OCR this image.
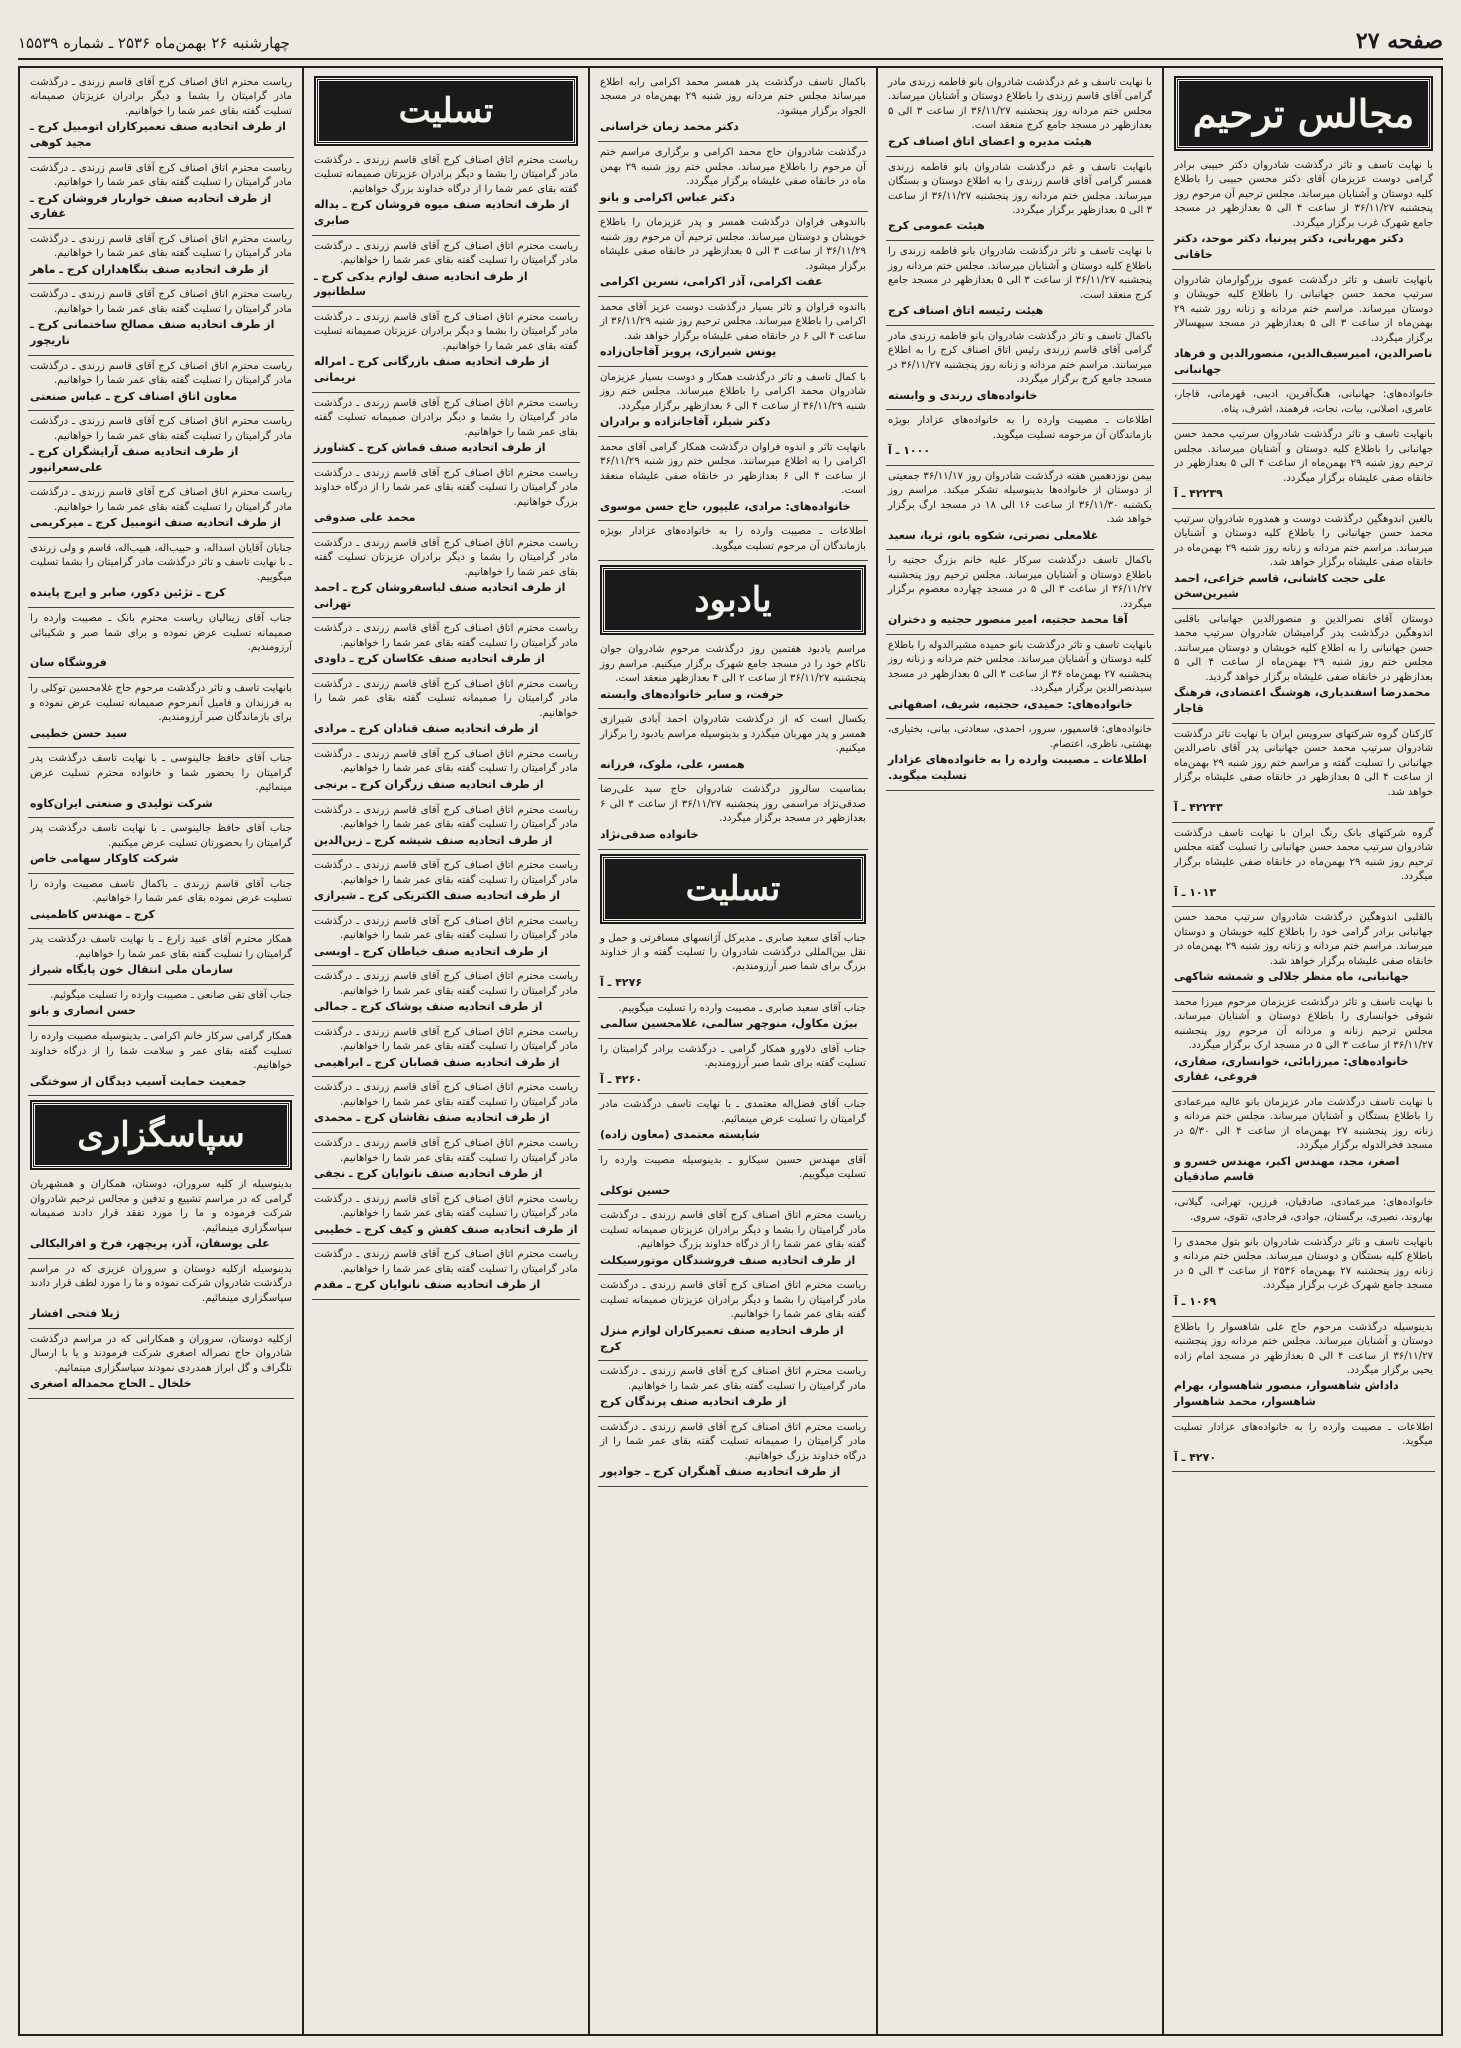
صفحه ۲۷
چهارشنبه ۲۶ بهمن‌ماه ۲۵۳۶ ـ شماره ۱۵۵۳۹
مجالس ترحیم
با نهایت تاسف و تاثر درگذشت شادروان دکتر حبیبی برادر گرامی دوست عزیزمان آقای دکتر محسن حبیبی را باطلاع کلیه دوستان و آشنایان میرساند. مجلس ترحیم آن مرحوم روز پنجشنبه ۳۶/۱۱/۲۷ از ساعت ۴ الی ۵ بعدازظهر در مسجد جامع شهرک غرب برگزار میگردد.
دکتر مهربانی، دکتر پیرنیا، دکتر موحد، دکتر خاقانی
بانهایت تاسف و تاثر درگذشت عموی بزرگوارمان شادروان سرتیپ محمد حسن جهانبانی را باطلاع کلیه خویشان و دوستان میرساند. مراسم ختم مردانه و زنانه روز شنبه ۲۹ بهمن‌ماه از ساعت ۳ الی ۵ بعدازظهر در مسجد سپهسالار برگزار میگردد.
ناصرالدین، امیرسیف‌الدین، منصورالدین و فرهاد جهانبانی
خانواده‌های: جهانبانی، هنگ‌آفرین، ادیبی، قهرمانی، قاجار، عامری، اصلانی، بیات، نجات، فرهمند، اشرف، پناه.
بانهایت تاسف و تاثر درگذشت شادروان سرتیپ محمد حسن جهانبانی را باطلاع کلیه دوستان و آشنایان میرساند. مجلس ترحیم روز شنبه ۲۹ بهمن‌ماه از ساعت ۴ الی ۵ بعدازظهر در خانقاه صفی علیشاه برگزار میگردد.
۴۲۲۳۹ ـ آ
بالغین اندوهگین درگذشت دوست و همدوره شادروان سرتیپ محمد حسن جهانبانی را باطلاع کلیه دوستان و آشنایان میرساند. مراسم ختم مردانه و زنانه روز شنبه ۲۹ بهمن‌ماه در خانقاه صفی علیشاه برگزار خواهد شد.
علی حجت کاشانی، قاسم خزاعی، احمد شیرین‌سخن
دوستان آقای نصرالدین و منصورالدین جهانبانی باقلبی اندوهگین درگذشت پدر گرامیشان شادروان سرتیپ محمد حسن جهانبانی را به اطلاع کلیه خویشان و دوستان میرسانند. مجلس ختم روز شنبه ۲۹ بهمن‌ماه از ساعت ۴ الی ۵ بعدازظهر در خانقاه صفی علیشاه برگزار خواهد گردید.
محمدرضا اسفندیاری، هوشنگ اعتضادی، فرهنگ قاجار
کارکنان گروه شرکتهای سرویس ایران با نهایت تاثر درگذشت شادروان سرتیپ محمد حسن جهانبانی پدر آقای ناصرالدین جهانبانی را تسلیت گفته و مراسم ختم روز شنبه ۲۹ بهمن‌ماه از ساعت ۴ الی ۵ بعدازظهر در خانقاه صفی علیشاه برگزار خواهد شد.
۴۲۲۴۳ ـ آ
گروه شرکتهای بانک رنگ ایران با نهایت تاسف درگذشت شادروان سرتیپ محمد حسن جهانبانی را تسلیت گفته مجلس ترحیم روز شنبه ۲۹ بهمن‌ماه در خانقاه صفی علیشاه برگزار میگردد.
۱۰۱۳ ـ آ
بالقلبی اندوهگین درگذشت شادروان سرتیپ محمد حسن جهانبانی برادر گرامی خود را باطلاع کلیه خویشان و دوستان میرساند. مراسم ختم مردانه و زنانه روز شنبه ۲۹ بهمن‌ماه در خانقاه صفی علیشاه برگزار خواهد شد.
جهانبانی، ماه منظر جلالی و شمشه شاکهی
با نهایت تاسف و تاثر درگذشت عزیزمان مرحوم میرزا محمد شوقی خوانساری را باطلاع دوستان و آشنایان میرساند. مجلس ترحیم زنانه و مردانه آن مرحوم روز پنجشنبه ۳۶/۱۱/۲۷ از ساعت ۳ الی ۵ در مسجد ارک برگزار میگردد.
خانواده‌های: میرزابائی، خوانساری، صفاری، فروغی، غفاری
با نهایت تاسف درگذشت مادر عزیزمان بانو عالیه میرعمادی را باطلاع بستگان و آشنایان میرساند. مجلس ختم مردانه و زنانه روز پنجشنبه ۲۷ بهمن‌ماه از ساعت ۴ الی ۵/۳۰ در مسجد فخرالدوله برگزار میگردد.
اصغر، مجد، مهندس اکبر، مهندس خسرو و قاسم صادقیان
خانواده‌های: میرعمادی، صادقیان، فرزین، تهرانی، گیلانی، بهاروند، نصیری، برگستان، جوادی، فرجادی، تقوی، سروی.
بانهایت تاسف و تاثر درگذشت شادروان بانو بتول محمدی را باطلاع کلیه بستگان و دوستان میرساند. مجلس ختم مردانه و زنانه روز پنجشنبه ۲۷ بهمن‌ماه ۲۵۳۶ از ساعت ۳ الی ۵ در مسجد جامع شهرک غرب برگزار میگردد.
۱۰۶۹ ـ آ
بدینوسیله درگذشت مرحوم حاج علی شاهسوار را باطلاع دوستان و آشنایان میرساند. مجلس ختم مردانه روز پنجشنبه ۳۶/۱۱/۲۷ از ساعت ۴ الی ۵ بعدازظهر در مسجد امام زاده یحیی برگزار میگردد.
داداش شاهسوار، منصور شاهسوار، بهرام شاهسوار، محمد شاهسوار
اطلاعات ـ مصیبت وارده را به خانواده‌های عزادار تسلیت میگوید.
۴۲۷۰ ـ آ
با نهایت تاسف و غم درگذشت شادروان بانو فاطمه زرندی مادر گرامی آقای قاسم زرندی را باطلاع دوستان و آشنایان میرساند. مجلس ختم مردانه روز پنجشنبه ۳۶/۱۱/۲۷ از ساعت ۳ الی ۵ بعدازظهر در مسجد جامع کرج منعقد است.
هیئت مدیره و اعضای اتاق اصناف کرج
بانهایت تاسف و غم درگذشت شادروان بانو فاطمه زرندی همسر گرامی آقای قاسم زرندی را به اطلاع دوستان و بستگان میرساند. مجلس ختم مردانه روز پنجشنبه ۳۶/۱۱/۲۷ از ساعت ۳ الی ۵ بعدازظهر برگزار میگردد.
هیئت عمومی کرج
با نهایت تاسف و تاثر درگذشت شادروان بانو فاطمه زرندی را باطلاع کلیه دوستان و آشنایان میرساند. مجلس ختم مردانه روز پنجشنبه ۳۶/۱۱/۲۷ از ساعت ۳ الی ۵ بعدازظهر در مسجد جامع کرج منعقد است.
هیئت رئیسه اتاق اصناف کرج
باکمال تاسف و تاثر درگذشت شادروان بانو فاطمه زرندی مادر گرامی آقای قاسم زرندی رئیس اتاق اصناف کرج را به اطلاع میرسانند. مراسم ختم مردانه و زنانه روز پنجشنبه ۳۶/۱۱/۲۷ در مسجد جامع کرج برگزار میگردد.
خانواده‌های زرندی و وابسته
اطلاعات ـ مصیبت وارده را به خانواده‌های عزادار بویژه بازماندگان آن مرحومه تسلیت میگوید.
۱۰۰۰ ـ آ
بیمن نوزدهمین هفته درگذشت شادروان روز ۳۶/۱۱/۱۷ جمعیتی از دوستان از خانواده‌ها بدینوسیله تشکر میکند. مراسم روز یکشنبه ۳۶/۱۱/۳۰ از ساعت ۱۶ الی ۱۸ در مسجد ارگ برگزار خواهد شد.
غلامعلی نصرتی، شکوه بانو، ثریا، سعید
باکمال تاسف درگذشت سرکار علیه خانم بزرگ حجتیه را باطلاع دوستان و آشنایان میرساند. مجلس ترحیم روز پنجشنبه ۳۶/۱۱/۲۷ از ساعت ۳ الی ۵ در مسجد چهارده معصوم برگزار میگردد.
آقا محمد حجتیه، امیر منصور حجتیه و دختران
بانهایت تاسف و تاثر درگذشت بانو حمیده مشیرالدوله را باطلاع کلیه دوستان و آشنایان میرساند. مجلس ختم مردانه و زنانه روز پنجشنبه ۲۷ بهمن‌ماه ۳۶ از ساعت ۳ الی ۵ بعدازظهر در مسجد سیدنصرالدین برگزار میگردد.
خانواده‌های: حمیدی، حجتیه، شریف، اصفهانی
خانواده‌های: قاسمپور، سرور، احمدی، سعادتی، بیانی، بختیاری، بهشتی، ناظری، اعتصام.
اطلاعات ـ مصیبت وارده را به خانواده‌های عزادار تسلیت میگوید.
باکمال تاسف درگذشت پدر همسر محمد اکرامی رابه اطلاع میرساند مجلس ختم مردانه روز شنبه ۲۹ بهمن‌ماه در مسجد الجواد برگزار میشود.
دکتر محمد زمان خراسانی
درگذشت شادروان حاج محمد اکرامی و برگزاری مراسم ختم آن مرحوم را باطلاع میرساند. مجلس ختم روز شنبه ۲۹ بهمن ماه در خانقاه صفی علیشاه برگزار میگردد.
دکتر عباس اکرامی و بانو
بااندوهی فراوان درگذشت همسر و پدر عزیزمان را باطلاع خویشان و دوستان میرساند. مجلس ترحیم آن مرحوم روز شنبه ۳۶/۱۱/۲۹ از ساعت ۳ الی ۵ بعدازظهر در خانقاه صفی علیشاه برگزار میشود.
عفت اکرامی، آذر اکرامی، نسرین اکرامی
بااندوه فراوان و تاثر بسیار درگذشت دوست عزیز آقای محمد اکرامی را باطلاع میرساند. مجلس ترحیم روز شنبه ۳۶/۱۱/۲۹ از ساعت ۴ الی ۶ در خانقاه صفی علیشاه برگزار خواهد شد.
یونس شیرازی، پرویز آقاجان‌زاده
با کمال تاسف و تاثر درگذشت همکار و دوست بسیار عزیزمان شادروان محمد اکرامی را باطلاع میرساند. مجلس ختم روز شنبه ۳۶/۱۱/۲۹ از ساعت ۴ الی ۶ بعدازظهر برگزار میگردد.
دکتر شیلر، آقاجانزاده و برادران
بانهایت تاثر و اندوه فراوان درگذشت همکار گرامی آقای محمد اکرامی را به اطلاع میرسانند. مجلس ختم روز شنبه ۳۶/۱۱/۲۹ از ساعت ۴ الی ۶ بعدازظهر در خانقاه صفی علیشاه منعقد است.
خانواده‌های: مرادی، علیپور، حاج حسن موسوی
اطلاعات ـ مصیبت وارده را به خانواده‌های عزادار بویژه بازماندگان آن مرحوم تسلیت میگوید.
یادبود
مراسم یادبود هفتمین روز درگذشت مرحوم شادروان جوان ناکام خود را در مسجد جامع شهرک برگزار میکنیم. مراسم روز پنجشنبه ۳۶/۱۱/۲۷ از ساعت ۲ الی ۴ بعدازظهر منعقد است.
حرفت، و سایر خانواده‌های وابسته
یکسال است که از درگذشت شادروان احمد آبادی شیرازی همسر و پدر مهربان میگذرد و بدینوسیله مراسم یادبود را برگزار میکنیم.
همسر، علی، ملوک، فرزانه
بمناسبت سالروز درگذشت شادروان حاج سید علی‌رضا صدقی‌نژاد مراسمی روز پنجشنبه ۳۶/۱۱/۲۷ از ساعت ۳ الی ۶ بعدازظهر در مسجد برگزار میگردد.
خانواده صدقی‌نژاد
تسلیت
جناب آقای سعید صابری ـ مدیرکل آژانسهای مسافرتی و حمل و نقل بین‌المللی درگذشت شادروان را تسلیت گفته و از خداوند بزرگ برای شما صبر آرزومندیم.
۴۲۷۶ ـ آ
جناب آقای سعید صابری ـ مصیبت وارده را تسلیت میگوییم.
بیژن مکاول، منوچهر سالمی، غلامحسین سالمی
جناب آقای دلاورو همکار گرامی ـ درگذشت برادر گرامیتان را تسلیت گفته برای شما صبر آرزومندیم.
۴۲۶۰ ـ آ
جناب آقای فضل‌اله معتمدی ـ با نهایت تاسف درگذشت مادر گرامیتان را تسلیت عرض مینمائیم.
شاپسته معتمدی (معاون زاده)
آقای مهندس حسین سیکارو ـ بدینوسیله مصیبت وارده را تسلیت میگوییم.
حسین توکلی
ریاست محترم اتاق اصناف کرج آقای قاسم زرندی ـ درگذشت مادر گرامیتان را بشما و دیگر برادران عزیزتان صمیمانه تسلیت گفته بقای عمر شما را از درگاه خداوند بزرگ خواهانیم.
از طرف اتحادیه صنف فروشندگان موتورسیکلت
ریاست محترم اتاق اصناف کرج آقای قاسم زرندی ـ درگذشت مادر گرامیتان را بشما و دیگر برادران عزیزتان صمیمانه تسلیت گفته بقای عمر شما را خواهانیم.
از طرف اتحادیه صنف تعمیرکاران لوازم منزل کرج
ریاست محترم اتاق اصناف کرج آقای قاسم زرندی ـ درگذشت مادر گرامیتان را تسلیت گفته بقای عمر شما را خواهانیم.
از طرف اتحادیه صنف پرندگان کرج
ریاست محترم اتاق اصناف کرج آقای قاسم زرندی ـ درگذشت مادر گرامیتان را صمیمانه تسلیت گفته بقای عمر شما را از درگاه خداوند بزرگ خواهانیم.
از طرف اتحادیه صنف آهنگران کرج ـ جوادپور
تسلیت
ریاست محترم اتاق اصناف کرج آقای قاسم زرندی ـ درگذشت مادر گرامیتان را بشما و دیگر برادران عزیزتان صمیمانه تسلیت گفته بقای عمر شما را از درگاه خداوند بزرگ خواهانیم.
از طرف اتحادیه صنف میوه فروشان کرج ـ یداله صابری
ریاست محترم اتاق اصناف کرج آقای قاسم زرندی ـ درگذشت مادر گرامیتان را تسلیت گفته بقای عمر شما را خواهانیم.
از طرف اتحادیه صنف لوازم یدکی کرج ـ سلطانپور
ریاست محترم اتاق اصناف کرج آقای قاسم زرندی ـ درگذشت مادر گرامیتان را بشما و دیگر برادران عزیزتان صمیمانه تسلیت گفته بقای عمر شما را خواهانیم.
از طرف اتحادیه صنف بازرگانی کرج ـ امراله نریمانی
ریاست محترم اتاق اصناف کرج آقای قاسم زرندی ـ درگذشت مادر گرامیتان را بشما و دیگر برادران صمیمانه تسلیت گفته بقای عمر شما را خواهانیم.
از طرف اتحادیه صنف قماش کرج ـ کشاورز
ریاست محترم اتاق اصناف کرج آقای قاسم زرندی ـ درگذشت مادر گرامیتان را تسلیت گفته بقای عمر شما را از درگاه خداوند بزرگ خواهانیم.
محمد علی صدوقی
ریاست محترم اتاق اصناف کرج آقای قاسم زرندی ـ درگذشت مادر گرامیتان را بشما و دیگر برادران عزیزتان تسلیت گفته بقای عمر شما را خواهانیم.
از طرف اتحادیه صنف لباسفروشان کرج ـ احمد تهرانی
ریاست محترم اتاق اصناف کرج آقای قاسم زرندی ـ درگذشت مادر گرامیتان را تسلیت گفته بقای عمر شما را خواهانیم.
از طرف اتحادیه صنف عکاسان کرج ـ داودی
ریاست محترم اتاق اصناف کرج آقای قاسم زرندی ـ درگذشت مادر گرامیتان را صمیمانه تسلیت گفته بقای عمر شما را خواهانیم.
از طرف اتحادیه صنف قنادان کرج ـ مرادی
ریاست محترم اتاق اصناف کرج آقای قاسم زرندی ـ درگذشت مادر گرامیتان را تسلیت گفته بقای عمر شما را خواهانیم.
از طرف اتحادیه صنف زرگران کرج ـ برنجی
ریاست محترم اتاق اصناف کرج آقای قاسم زرندی ـ درگذشت مادر گرامیتان را تسلیت گفته بقای عمر شما را خواهانیم.
از طرف اتحادیه صنف شیشه کرج ـ زین‌الدین
ریاست محترم اتاق اصناف کرج آقای قاسم زرندی ـ درگذشت مادر گرامیتان را تسلیت گفته بقای عمر شما را خواهانیم.
از طرف اتحادیه صنف الکتریکی کرج ـ شیرازی
ریاست محترم اتاق اصناف کرج آقای قاسم زرندی ـ درگذشت مادر گرامیتان را تسلیت گفته بقای عمر شما را خواهانیم.
از طرف اتحادیه صنف خیاطان کرج ـ اویسی
ریاست محترم اتاق اصناف کرج آقای قاسم زرندی ـ درگذشت مادر گرامیتان را تسلیت گفته بقای عمر شما را خواهانیم.
از طرف اتحادیه صنف پوشاک کرج ـ جمالی
ریاست محترم اتاق اصناف کرج آقای قاسم زرندی ـ درگذشت مادر گرامیتان را تسلیت گفته بقای عمر شما را خواهانیم.
از طرف اتحادیه صنف قصابان کرج ـ ابراهیمی
ریاست محترم اتاق اصناف کرج آقای قاسم زرندی ـ درگذشت مادر گرامیتان را تسلیت گفته بقای عمر شما را خواهانیم.
از طرف اتحادیه صنف نقاشان کرج ـ محمدی
ریاست محترم اتاق اصناف کرج آقای قاسم زرندی ـ درگذشت مادر گرامیتان را تسلیت گفته بقای عمر شما را خواهانیم.
از طرف اتحادیه صنف نانوایان کرج ـ نجفی
ریاست محترم اتاق اصناف کرج آقای قاسم زرندی ـ درگذشت مادر گرامیتان را تسلیت گفته بقای عمر شما را خواهانیم.
از طرف اتحادیه صنف کفش و کیف کرج ـ خطیبی
ریاست محترم اتاق اصناف کرج آقای قاسم زرندی ـ درگذشت مادر گرامیتان را تسلیت گفته بقای عمر شما را خواهانیم.
از طرف اتحادیه صنف نانوایان کرج ـ مقدم
ریاست محترم اتاق اصناف کرج آقای قاسم زرندی ـ درگذشت مادر گرامیتان را بشما و دیگر برادران عزیزتان صمیمانه تسلیت گفته بقای عمر شما را خواهانیم.
از طرف اتحادیه صنف تعمیرکاران اتومبیل کرج ـ مجید کوهی
ریاست محترم اتاق اصناف کرج آقای قاسم زرندی ـ درگذشت مادر گرامیتان را تسلیت گفته بقای عمر شما را خواهانیم.
از طرف اتحادیه صنف خواربار فروشان کرج ـ غفاری
ریاست محترم اتاق اصناف کرج آقای قاسم زرندی ـ درگذشت مادر گرامیتان را تسلیت گفته بقای عمر شما را خواهانیم.
از طرف اتحادیه صنف بنگاهداران کرج ـ ماهر
ریاست محترم اتاق اصناف کرج آقای قاسم زرندی ـ درگذشت مادر گرامیتان را تسلیت گفته بقای عمر شما را خواهانیم.
از طرف اتحادیه صنف مصالح ساختمانی کرج ـ ناریچور
ریاست محترم اتاق اصناف کرج آقای قاسم زرندی ـ درگذشت مادر گرامیتان را تسلیت گفته بقای عمر شما را خواهانیم.
معاون اتاق اصناف کرج ـ عباس صنعتی
ریاست محترم اتاق اصناف کرج آقای قاسم زرندی ـ درگذشت مادر گرامیتان را تسلیت گفته بقای عمر شما را خواهانیم.
از طرف اتحادیه صنف آرایشگران کرج ـ علی‌سعرانپور
ریاست محترم اتاق اصناف کرج آقای قاسم زرندی ـ درگذشت مادر گرامیتان را تسلیت گفته بقای عمر شما را خواهانیم.
از طرف اتحادیه صنف اتومبیل کرج ـ میرکریمی
جنابان آقایان اسداله، و حبیب‌اله، هبیب‌اله، قاسم و ولی زرندی ـ با نهایت تاسف و تاثر درگذشت مادر گرامیتان را بشما تسلیت میگوییم.
کرج ـ تژئین دکور، صابر و ایرج پاینده
جناب آقای زینالیان ریاست محترم بانک ـ مصیبت وارده را صمیمانه تسلیت عرض نموده و برای شما صبر و شکیبائی آرزومندیم.
فروشگاه سان
بانهایت تاسف و تاثر درگذشت مرحوم حاج غلامحسین توکلی را به فرزندان و فامیل آنمرحوم صمیمانه تسلیت عرض نموده و برای بازماندگان صبر آرزومندیم.
سید حسن خطیبی
جناب آقای حافظ جالینوسی ـ با نهایت تاسف درگذشت پدر گرامیتان را بحضور شما و خانواده محترم تسلیت عرض مینمائیم.
شرکت تولیدی و صنعتی ایران‌کاوه
جناب آقای حافظ جالینوسی ـ با نهایت تاسف درگذشت پدر گرامیتان را بحضورتان تسلیت عرض میکنیم.
شرکت کاوکار سهامی خاص
جناب آقای قاسم زرندی ـ باکمال تاسف مصیبت وارده را تسلیت عرض نموده بقای عمر شما را خواهانیم.
کرج ـ مهندس کاظمینی
همکار محترم آقای عبید زارع ـ با نهایت تاسف درگذشت پدر گرامیتان را تسلیت گفته بقای عمر شما را خواهانیم.
سازمان ملی انتقال خون پایگاه شیراز
جناب آقای تقی صانعی ـ مصیبت وارده را تسلیت میگوئیم.
حسن انصاری و بانو
همکار گرامی سرکار خانم اکرامی ـ بدینوسیله مصیبت وارده را تسلیت گفته بقای عمر و سلامت شما را از درگاه خداوند خواهانیم.
جمعیت حمایت آسیب دیدگان از سوختگی
سپاسگزاری
بدینوسیله از کلیه سروران، دوستان، همکاران و همشهریان گرامی که در مراسم تشییع و تدفین و مجالس ترحیم شادروان شرکت فرموده و ما را مورد تفقد قرار دادند صمیمانه سپاسگزاری مینمائیم.
علی یوسفان، آذر، پریچهر، فرخ و افرالیکالی
بدینوسیله ازکلیه دوستان و سروران عزیزی که در مراسم درگذشت شادروان شرکت نموده و ما را مورد لطف قرار دادند سپاسگزاری مینمائیم.
ژیلا فتحی افشار
ازکلیه دوستان، سروران و همکارانی که در مراسم درگذشت شادروان حاج نصراله اصغری شرکت فرمودند و یا با ارسال تلگراف و گل ابراز همدردی نمودند سپاسگزاری مینمائیم.
خلخال ـ الحاج محمداله اصغری
